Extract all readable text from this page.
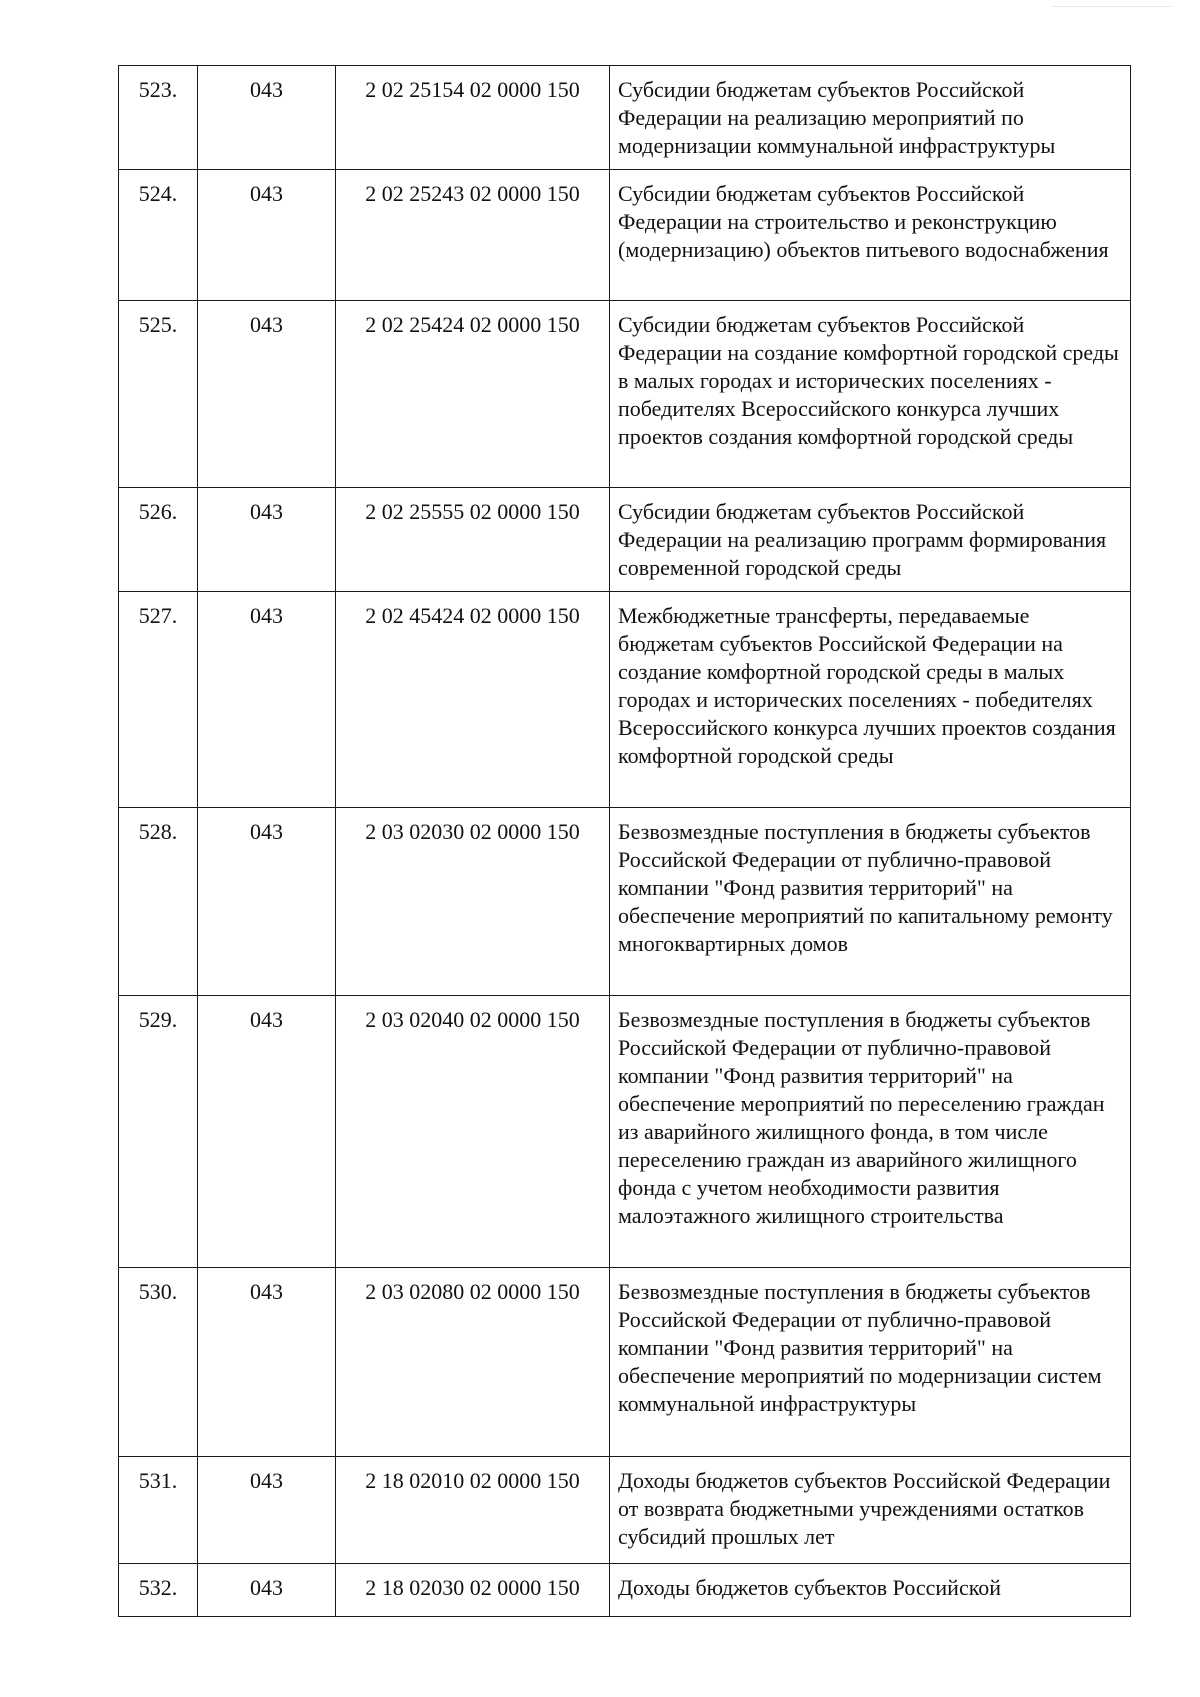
523.	043	2 02 25154 02 0000 150	Субсидии бюджетам субъектов Российской Федерации на реализацию мероприятий по модернизации коммунальной инфраструктуры
524.	043	2 02 25243 02 0000 150	Субсидии бюджетам субъектов Российской Федерации на строительство и реконструкцию (модернизацию) объектов питьевого водоснабжения
525.	043	2 02 25424 02 0000 150	Субсидии бюджетам субъектов Российской Федерации на создание комфортной городской среды в малых городах и исторических поселениях - победителях Всероссийского конкурса лучших проектов создания комфортной городской среды
526.	043	2 02 25555 02 0000 150	Субсидии бюджетам субъектов Российской Федерации на реализацию программ формирования современной городской среды
527.	043	2 02 45424 02 0000 150	Межбюджетные трансферты, передаваемые бюджетам субъектов Российской Федерации на создание комфортной городской среды в малых городах и исторических поселениях - победителях Всероссийского конкурса лучших проектов создания комфортной городской среды
528.	043	2 03 02030 02 0000 150	Безвозмездные поступления в бюджеты субъектов Российской Федерации от публично-правовой компании "Фонд развития территорий" на обеспечение мероприятий по капитальному ремонту многоквартирных домов
529.	043	2 03 02040 02 0000 150	Безвозмездные поступления в бюджеты субъектов Российской Федерации от публично-правовой компании "Фонд развития территорий" на обеспечение мероприятий по переселению граждан из аварийного жилищного фонда, в том числе переселению граждан из аварийного жилищного фонда с учетом необходимости развития малоэтажного жилищного строительства
530.	043	2 03 02080 02 0000 150	Безвозмездные поступления в бюджеты субъектов Российской Федерации от публично-правовой компании "Фонд развития территорий" на обеспечение мероприятий по модернизации систем коммунальной инфраструктуры
531.	043	2 18 02010 02 0000 150	Доходы бюджетов субъектов Российской Федерации от возврата бюджетными учреждениями остатков субсидий прошлых лет
532.	043	2 18 02030 02 0000 150	Доходы бюджетов субъектов Российской
